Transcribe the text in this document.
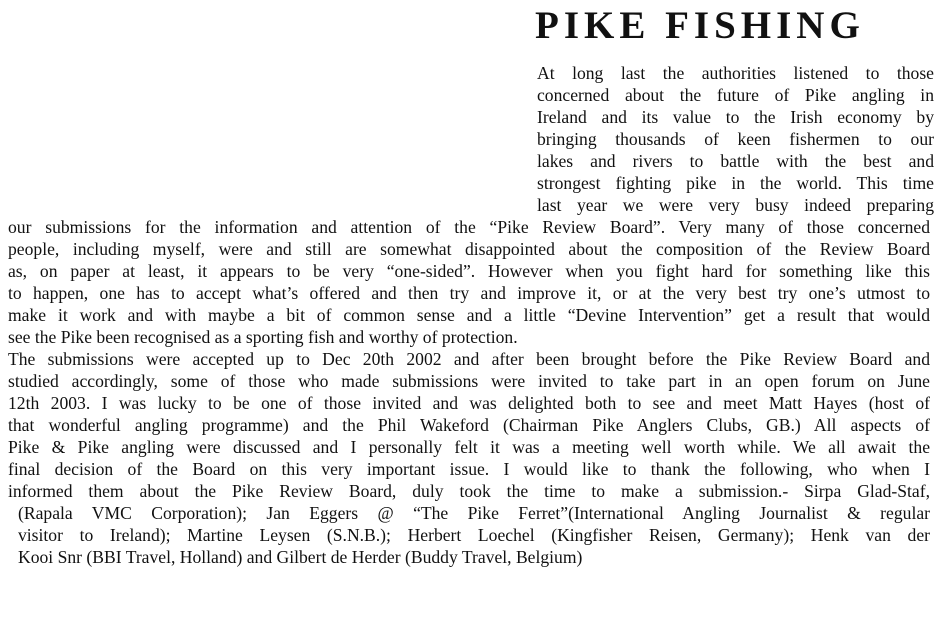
PIKE FISHING

At long last the authorities listened to those

concerned about the future of Pike angling in

Ireland and its value to the Irish economy by

bringing thousands of keen fishermen to our

lakes and rivers to battle with the best and

strongest fighting pike in the world. This time

last year we were very busy indeed preparing

our submissions for the information and attention of the “Pike Review Board”. Very many of those concerned

people, including myself, were and still are somewhat disappointed about the composition of the Review Board

as, on paper at least, it appears to be very “one-sided”. However when you fight hard for something like this

to happen, one has to accept what’s offered and then try and improve it, or at the very best try one’s utmost to

make it work and with maybe a bit of common sense and a little “Devine Intervention” get a result that would

see the Pike been recognised as a sporting fish and worthy of protection.

The submissions were accepted up to Dec 20th 2002 and after been brought before the Pike Review Board and

studied accordingly, some of those who made submissions were invited to take part in an open forum on June

12th 2003. I was lucky to be one of those invited and was delighted both to see and meet Matt Hayes (host of

that wonderful angling programme) and the Phil Wakeford (Chairman Pike Anglers Clubs, GB.) All aspects of

Pike & Pike angling were discussed and I personally felt it was a meeting well worth while. We all await the

final decision of the Board on this very important issue. I would like to thank the following, who when I

informed them about the Pike Review Board, duly took the time to make a submission.- Sirpa Glad-Staf,

(Rapala VMC Corporation); Jan Eggers @ “The Pike Ferret”(International Angling Journalist & regular

visitor to Ireland); Martine Leysen (S.N.B.); Herbert Loechel (Kingfisher Reisen, Germany); Henk van der

Kooi Snr (BBI Travel, Holland) and Gilbert de Herder (Buddy Travel, Belgium)
